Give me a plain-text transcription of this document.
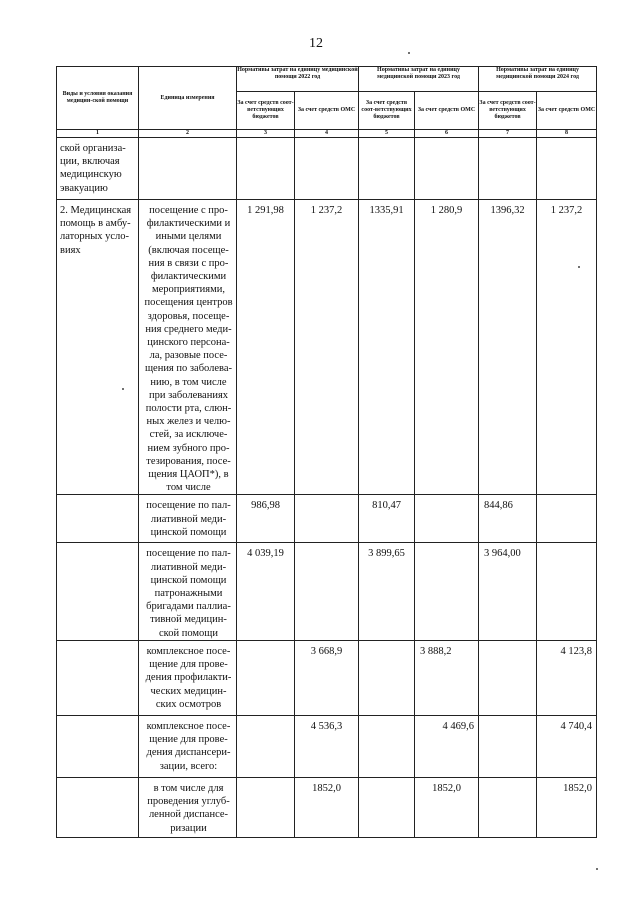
12
Виды и условия оказания медицин-ской помощи	Единица измерения	Нормативы затрат на единицу медицинской помощи 2022 год		Нормативы затрат на единицу медицинской помощи 2023 год		Нормативы затрат на единицу медицинской помощи 2024 год	
		За счет средств соот-ветствующих бюджетов	За счет средств ОМС	За счет средств соот-ветствующих бюджетов	За счет средств ОМС	За счет средств соот-ветствующих бюджетов	За счет средств ОМС
1	2	3	4	5	6	7	8
ской организа-ции, включая медицинскую эвакуацию							
2. Медицинская помощь в амбу-латорных усло-виях	посещение с про-филактическими и иными целями (включая посеще-ния в связи с про-филактическими мероприятиями, посещения центров здоровья, посеще-ния среднего меди-цинского персона-ла, разовые посе-щения по заболева-нию, в том числе при заболеваниях полости рта, слюн-ных желез и челю-стей, за исключе-нием зубного про-тезирования, посе-щения ЦАОП*), в том числе	1 291,98	1 237,2	1335,91	1 280,9	1396,32	1 237,2
	посещение по пал-лиативной меди-цинской помощи	986,98		810,47		844,86	
	посещение по пал-лиативной меди-цинской помощи патронажными бригадами паллиа-тивной медицин-ской помощи	4 039,19		3 899,65		3 964,00	
	комплексное посе-щение для прове-дения профилакти-ческих медицин-ских осмотров		3 668,9		3 888,2		4 123,8
	комплексное посе-щение для прове-дения диспансери-зации, всего:		4 536,3		4 469,6		4 740,4
	в том числе для проведения углуб-ленной диспансе-ризации		1852,0		1852,0		1852,0
